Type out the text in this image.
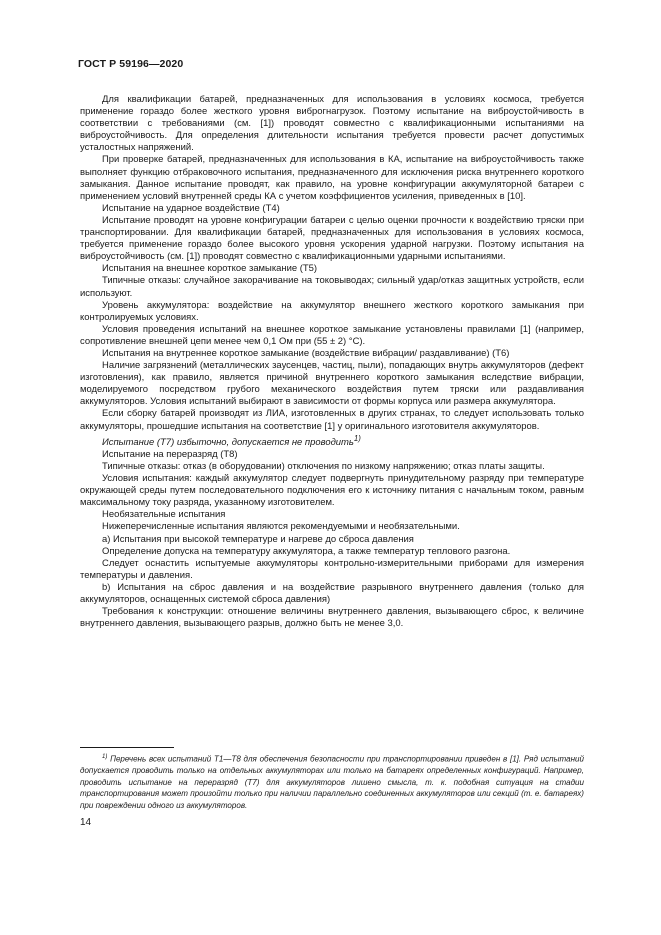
ГОСТ Р 59196—2020

Для квалификации батарей, предназначенных для использования в условиях космоса, требуется применение гораздо более жесткого уровня виброгнагрузок. Поэтому испытание на виброустойчивость в соответствии с требованиями (см. [1]) проводят совместно с квалификационными испытаниями на виброустойчивость. Для определения длительности испытания требуется провести расчет допустимых усталостных напряжений.

При проверке батарей, предназначенных для использования в КА, испытание на виброустойчивость также выполняет функцию отбраковочного испытания, предназначенного для исключения риска внутреннего короткого замыкания. Данное испытание проводят, как правило, на уровне конфигурации аккумуляторной батареи с применением условий внутренней среды КА с учетом коэффициентов усиления, приведенных в [10].

Испытание на ударное воздействие (Т4)

Испытание проводят на уровне конфигурации батареи с целью оценки прочности к воздействию тряски при транспортировании. Для квалификации батарей, предназначенных для использования в условиях космоса, требуется применение гораздо более высокого уровня ускорения ударной нагрузки. Поэтому испытания на виброустойчивость (см. [1]) проводят совместно с квалификационными ударными испытаниями.

Испытания на внешнее короткое замыкание (Т5)

Типичные отказы: случайное закорачивание на токовыводах; сильный удар/отказ защитных устройств, если используют.

Уровень аккумулятора: воздействие на аккумулятор внешнего жесткого короткого замыкания при контролируемых условиях.

Условия проведения испытаний на внешнее короткое замыкание установлены правилами [1] (например, сопротивление внешней цепи менее чем 0,1 Ом при (55 ± 2) °С).

Испытания на внутреннее короткое замыкание (воздействие вибрации/ раздавливание) (Т6)

Наличие загрязнений (металлических заусенцев, частиц, пыли), попадающих внутрь аккумуляторов (дефект изготовления), как правило, является причиной внутреннего короткого замыкания вследствие вибрации, моделируемого посредством грубого механического воздействия путем тряски или раздавливания аккумуляторов. Условия испытаний выбирают в зависимости от формы корпуса или размера аккумулятора.

Если сборку батарей производят из ЛИА, изготовленных в других странах, то следует использовать только аккумуляторы, прошедшие испытания на соответствие [1] у оригинального изготовителя аккумуляторов.

Испытание (Т7) избыточно, допускается не проводить$^{1)}$

Испытание на переразряд (Т8)

Типичные отказы: отказ (в оборудовании) отключения по низкому напряжению; отказ платы защиты.

Условия испытания: каждый аккумулятор следует подвергнуть принудительному разряду при температуре окружающей среды путем последовательного подключения его к источнику питания с начальным током, равным максимальному току разряда, указанному изготовителем.

Необязательные испытания

Нижеперечисленные испытания являются рекомендуемыми и необязательными.

а) Испытания при высокой температуре и нагреве до сброса давления

Определение допуска на температуру аккумулятора, а также температур теплового разгона.

Следует оснастить испытуемые аккумуляторы контрольно-измерительными приборами для измерения температуры и давления.

b) Испытания на сброс давления и на воздействие разрывного внутреннего давления (только для аккумуляторов, оснащенных системой сброса давления)

Требования к конструкции: отношение величины внутреннего давления, вызывающего сброс, к величине внутреннего давления, вызывающего разрыв, должно быть не менее 3,0.

$^{1)}$ Перечень всех испытаний Т1—Т8 для обеспечения безопасности при транспортировании приведен в [1]. Ряд испытаний допускается проводить только на отдельных аккумуляторах или только на батареях определенных конфигураций. Например, проводить испытание на переразряд (Т7) для аккумуляторов лишено смысла, т. к. подобная ситуация на стадии транспортирования может произойти только при наличии параллельно соединенных аккумуляторов или секций (т. е. батареях) при повреждении одного из аккумуляторов.
14
